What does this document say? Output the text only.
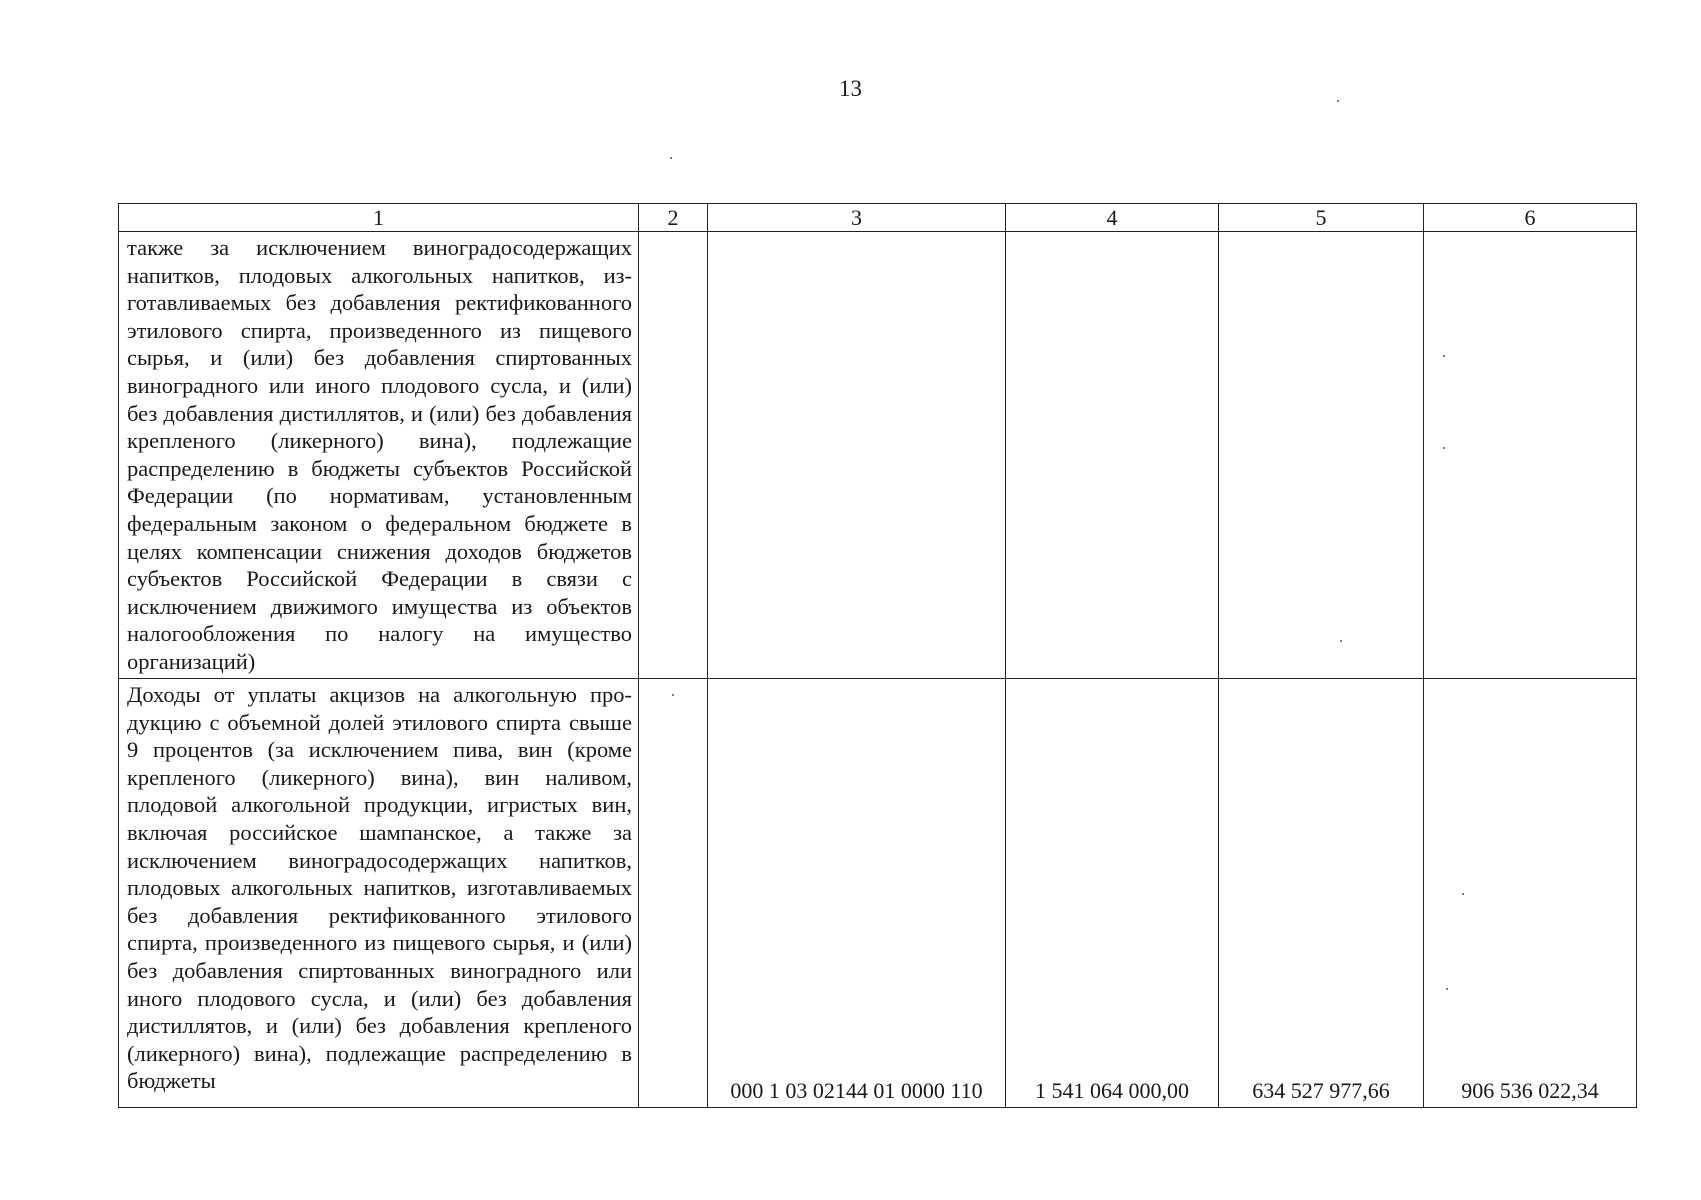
13
1	2	3	4	5	6
также за исключением виноградосодержащих напитков, плодовых алкогольных напитков, изготавливаемых без добавления ректификованного этилового спирта, произведенного из пищевого сырья, и (или) без добавления спиртованных виноградного или иного плодового сусла, и (или) без добавления дистиллятов, и (или) без добавления крепленого (ликерного) вина), подлежащие распределению в бюджеты субъектов Российской Федерации (по нормативам, установленным федеральным законом о федеральном бюджете в целях компенсации снижения доходов бюджетов субъектов Российской Федерации в связи с исключением движимого имущества из объектов налогообложения по налогу на имущество организаций)					
Доходы от уплаты акцизов на алкогольную продукцию с объемной долей этилового спирта свыше 9 процентов (за исключением пива, вин (кроме крепленого (ликерного) вина), вин наливом, плодовой алкогольной продукции, игристых вин, включая российское шампанское, а также за исключением виноградосодержащих напитков, плодовых алкогольных напитков, изготавливаемых без добавления ректификованного этилового спирта, произведенного из пищевого сырья, и (или) без добавления спиртованных виноградного или иного плодового сусла, и (или) без добавления дистиллятов, и (или) без добавления крепленого (ликерного) вина), подлежащие распределению в бюджеты		000 1 03 02144 01 0000 110	1 541 064 000,00	634 527 977,66	906 536 022,34
